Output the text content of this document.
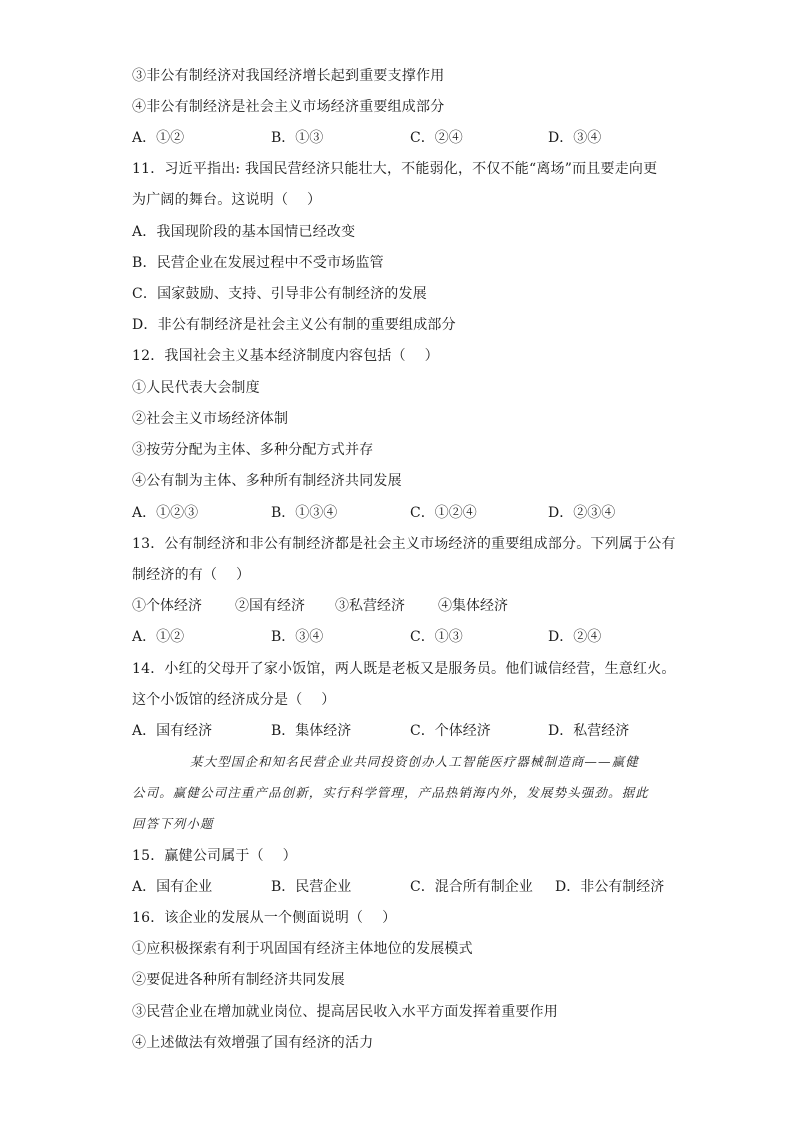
③非公有制经济对我国经济增长起到重要支撑作用
④非公有制经济是社会主义市场经济重要组成部分
A．①②	B．①③	C．②④	D．③④
11．习近平指出: 我国民营经济只能壮大，不能弱化，不仅不能“离场”而且要走向更
为广阔的舞台。这说明（　 ）
A．我国现阶段的基本国情已经改变
B．民营企业在发展过程中不受市场监管
C．国家鼓励、支持、引导非公有制经济的发展
D．非公有制经济是社会主义公有制的重要组成部分
12．我国社会主义基本经济制度内容包括（　 ）
①人民代表大会制度
②社会主义市场经济体制
③按劳分配为主体、多种分配方式并存
④公有制为主体、多种所有制经济共同发展
A．①②③	B．①③④	C．①②④	D．②③④
13．公有制经济和非公有制经济都是社会主义市场经济的重要组成部分。下列属于公有
制经济的有（　 ）
①个体经济 ②国有经济 ③私营经济 ④集体经济
A．①②	B．③④	C．①③	D．②④
14．小红的父母开了家小饭馆，两人既是老板又是服务员。他们诚信经营，生意红火。
这个小饭馆的经济成分是（　 ）
A．国有经济	B．集体经济	C．个体经济	D．私营经济
某大型国企和知名民营企业共同投资创办人工智能医疗器械制造商——赢健
公司。赢健公司注重产品创新，实行科学管理，产品热销海内外，发展势头强劲。据此
回答下列小题
15．赢健公司属于（　 ）
A．国有企业	B．民营企业	C．混合所有制企业 D．非公有制经济
16．该企业的发展从一个侧面说明（　 ）
①应积极探索有利于巩固国有经济主体地位的发展模式
②要促进各种所有制经济共同发展
③民营企业在增加就业岗位、提高居民收入水平方面发挥着重要作用
④上述做法有效增强了国有经济的活力
